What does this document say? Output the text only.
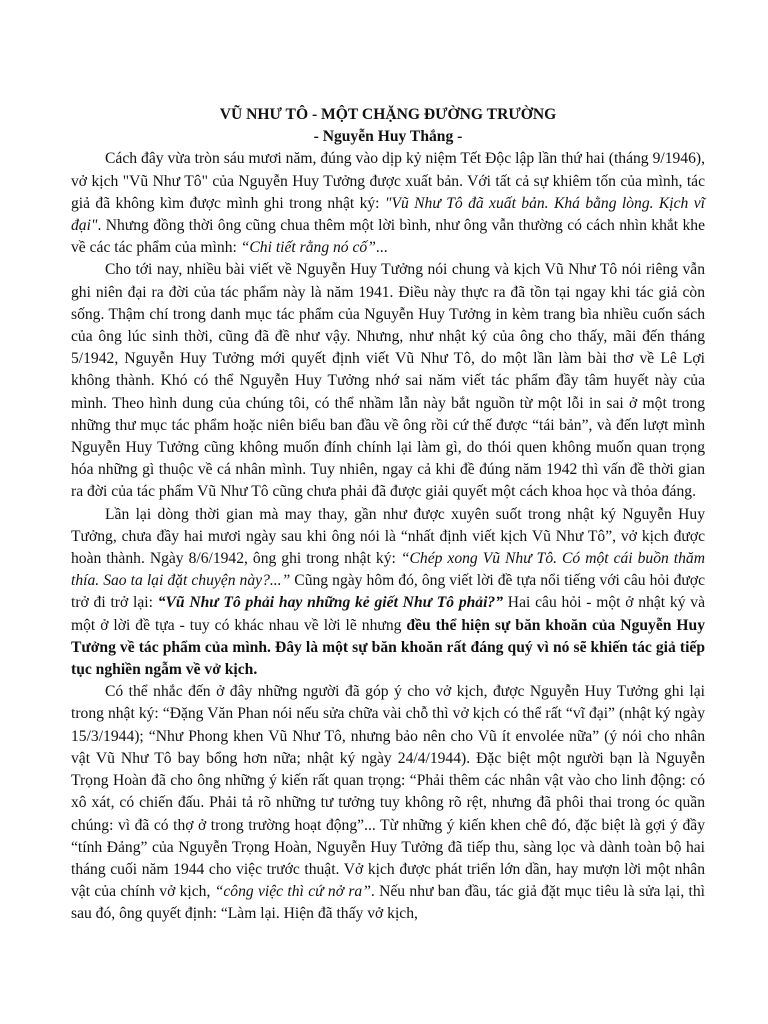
VŨ NHƯ TÔ - MỘT CHẶNG ĐƯỜNG TRƯỜNG

- Nguyễn Huy Thắng -

Cách đây vừa tròn sáu mươi năm, đúng vào dịp kỷ niệm Tết Độc lập lần thứ hai (tháng 9/1946), vở kịch "Vũ Như Tô" của Nguyễn Huy Tưởng được xuất bản. Với tất cả sự khiêm tốn của mình, tác giả đã không kìm được mình ghi trong nhật ký: "Vũ Như Tô đã xuất bản. Khá bằng lòng. Kịch vĩ đại". Nhưng đồng thời ông cũng chua thêm một lời bình, như ông vẫn thường có cách nhìn khắt khe về các tác phẩm của mình: “Chi tiết rằng nó cố”...

Cho tới nay, nhiều bài viết về Nguyễn Huy Tưởng nói chung và kịch Vũ Như Tô nói riêng vẫn ghi niên đại ra đời của tác phẩm này là năm 1941. Điều này thực ra đã tồn tại ngay khi tác giả còn sống. Thậm chí trong danh mục tác phẩm của Nguyễn Huy Tưởng in kèm trang bìa nhiều cuốn sách của ông lúc sinh thời, cũng đã đề như vậy. Nhưng, như nhật ký của ông cho thấy, mãi đến tháng 5/1942, Nguyễn Huy Tưởng mới quyết định viết Vũ Như Tô, do một lần làm bài thơ về Lê Lợi không thành. Khó có thể Nguyễn Huy Tưởng nhớ sai năm viết tác phẩm đầy tâm huyết này của mình. Theo hình dung của chúng tôi, có thể nhầm lẫn này bắt nguồn từ một lỗi in sai ở một trong những thư mục tác phẩm hoặc niên biểu ban đầu về ông rồi cứ thế được “tái bản”, và đến lượt mình Nguyễn Huy Tưởng cũng không muốn đính chính lại làm gì, do thói quen không muốn quan trọng hóa những gì thuộc về cá nhân mình. Tuy nhiên, ngay cả khi đề đúng năm 1942 thì vấn đề thời gian ra đời của tác phẩm Vũ Như Tô cũng chưa phải đã được giải quyết một cách khoa học và thỏa đáng.

Lần lại dòng thời gian mà may thay, gần như được xuyên suốt trong nhật ký Nguyễn Huy Tưởng, chưa đầy hai mươi ngày sau khi ông nói là “nhất định viết kịch Vũ Như Tô”, vở kịch được hoàn thành. Ngày 8/6/1942, ông ghi trong nhật ký: “Chép xong Vũ Như Tô. Có một cái buồn thăm thía. Sao ta lại đặt chuyện này?...” Cũng ngày hôm đó, ông viết lời đề tựa nổi tiếng với câu hỏi được trở đi trở lại: “Vũ Như Tô phải hay những kẻ giết Như Tô phải?” Hai câu hỏi - một ở nhật ký và một ở lời đề tựa - tuy có khác nhau về lời lẽ nhưng đều thể hiện sự băn khoăn của Nguyễn Huy Tưởng về tác phẩm của mình. Đây là một sự băn khoăn rất đáng quý vì nó sẽ khiến tác giả tiếp tục nghiền ngẫm về vở kịch.

Có thể nhắc đến ở đây những người đã góp ý cho vở kịch, được Nguyễn Huy Tưởng ghi lại trong nhật ký: “Đặng Văn Phan nói nếu sửa chữa vài chỗ thì vở kịch có thể rất “vĩ đại” (nhật ký ngày 15/3/1944); “Như Phong khen Vũ Như Tô, nhưng bảo nên cho Vũ ít envolée nữa” (ý nói cho nhân vật Vũ Như Tô bay bổng hơn nữa; nhật ký ngày 24/4/1944). Đặc biệt một người bạn là Nguyễn Trọng Hoàn đã cho ông những ý kiến rất quan trọng: “Phải thêm các nhân vật vào cho linh động: có xô xát, có chiến đấu. Phải tả rõ những tư tưởng tuy không rõ rệt, nhưng đã phôi thai trong óc quần chúng: vì đã có thợ ở trong trường hoạt động”... Từ những ý kiến khen chê đó, đặc biệt là gợi ý đầy “tính Đảng” của Nguyễn Trọng Hoàn, Nguyễn Huy Tưởng đã tiếp thu, sàng lọc và dành toàn bộ hai tháng cuối năm 1944 cho việc trước thuật. Vở kịch được phát triển lớn dần, hay mượn lời một nhân vật của chính vở kịch, “công việc thì cứ nở ra”. Nếu như ban đầu, tác giả đặt mục tiêu là sửa lại, thì sau đó, ông quyết định: “Làm lại. Hiện đã thấy vở kịch,
